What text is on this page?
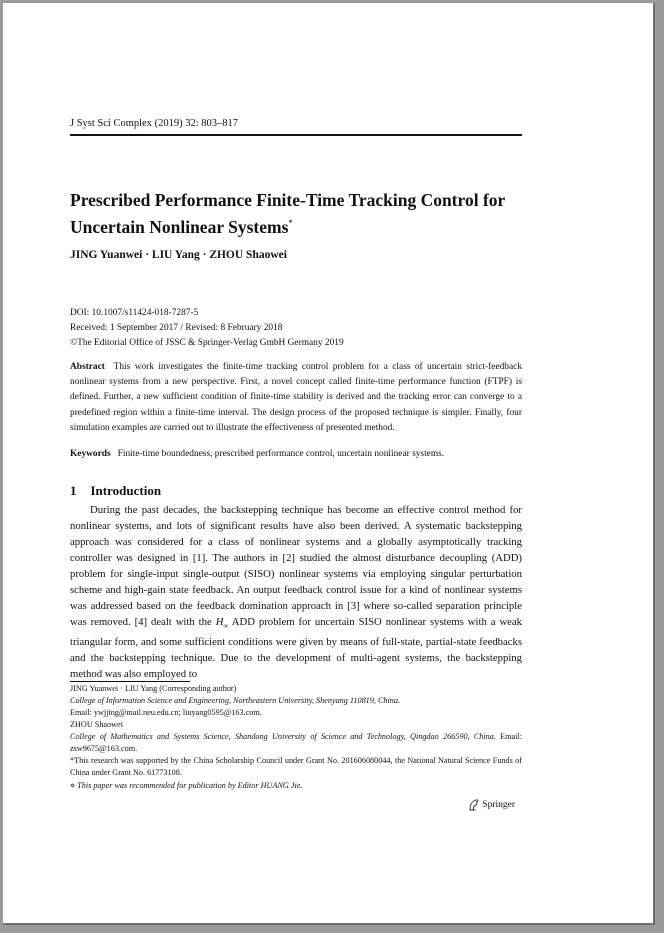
J Syst Sci Complex (2019) 32: 803–817
Prescribed Performance Finite-Time Tracking Control for
Uncertain Nonlinear Systems*
JING Yuanwei · LIU Yang · ZHOU Shaowei
DOI: 10.1007/s11424-018-7287-5
Received: 1 September 2017 / Revised: 8 February 2018
©The Editorial Office of JSSC & Springer-Verlag GmbH Germany 2019
Abstract This work investigates the finite-time tracking control problem for a class of uncertain strict-feedback nonlinear systems from a new perspective. First, a novel concept called finite-time performance function (FTPF) is defined. Further, a new sufficient condition of finite-time stability is derived and the tracking error can converge to a predefined region within a finite-time interval. The design process of the proposed technique is simpler. Finally, four simulation examples are carried out to illustrate the effectiveness of presented method.
Keywords Finite-time boundedness, prescribed performance control, uncertain nonlinear systems.
1 Introduction
During the past decades, the backstepping technique has become an effective control method for nonlinear systems, and lots of significant results have also been derived. A systematic backstepping approach was considered for a class of nonlinear systems and a globally asymptotically tracking controller was designed in [1]. The authors in [2] studied the almost disturbance decoupling (ADD) problem for single-input single-output (SISO) nonlinear systems via employing singular perturbation scheme and high-gain state feedback. An output feedback control issue for a kind of nonlinear systems was addressed based on the feedback domination approach in [3] where so-called separation principle was removed. [4] dealt with the $H_\infty$ ADD problem for uncertain SISO nonlinear systems with a weak triangular form, and some sufficient conditions were given by means of full-state, partial-state feedbacks and the backstepping technique. Due to the development of multi-agent systems, the backstepping method was also employed to
JING Yuanwei · LIU Yang (Corresponding author)
College of Information Science and Engineering, Northeastern University, Shenyang 110819, China.
Email: ywjjing@mail.neu.edu.cn; liuyang0595@163.com.
ZHOU Shaowei
College of Mathematics and Systems Science, Shandong University of Science and Technology, Qingdao 266590, China. Email: zsw9675@163.com.
*This research was supported by the China Scholarship Council under Grant No. 201606080044, the National Natural Science Funds of China under Grant No. 61773108.
⋄ This paper was recommended for publication by Editor HUANG Jie.
Springer
